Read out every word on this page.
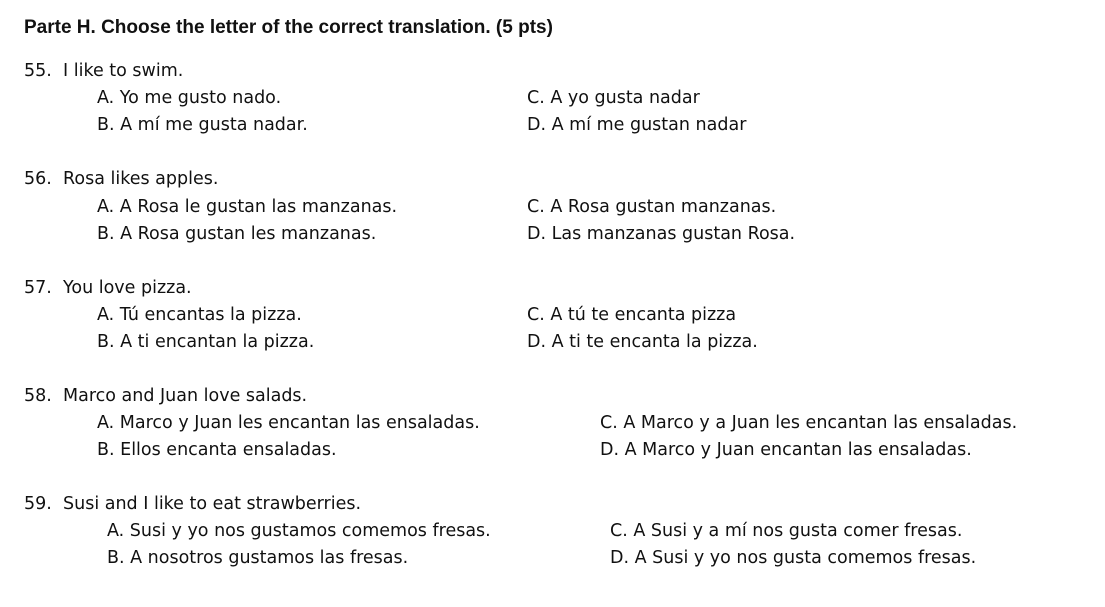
Parte H. Choose the letter of the correct translation. (5 pts)
55. I like to swim.
A. Yo me gusto nado.	C. A yo gusta nadar
B. A mí me gusta nadar.	D. A mí me gustan nadar
56. Rosa likes apples.
A. A Rosa le gustan las manzanas.	C. A Rosa gustan manzanas.
B. A Rosa gustan les manzanas.	D. Las manzanas gustan Rosa.
57. You love pizza.
A. Tú encantas la pizza.	C. A tú te encanta pizza
B. A ti encantan la pizza.	D. A ti te encanta la pizza.
58. Marco and Juan love salads.
A. Marco y Juan les encantan las ensaladas.	C. A Marco y a Juan les encantan las ensaladas.
B. Ellos encanta ensaladas.	D. A Marco y Juan encantan las ensaladas.
59. Susi and I like to eat strawberries.
A. Susi y yo nos gustamos comemos fresas.	C. A Susi y a mí nos gusta comer fresas.
B. A nosotros gustamos las fresas.	D. A Susi y yo nos gusta comemos fresas.
